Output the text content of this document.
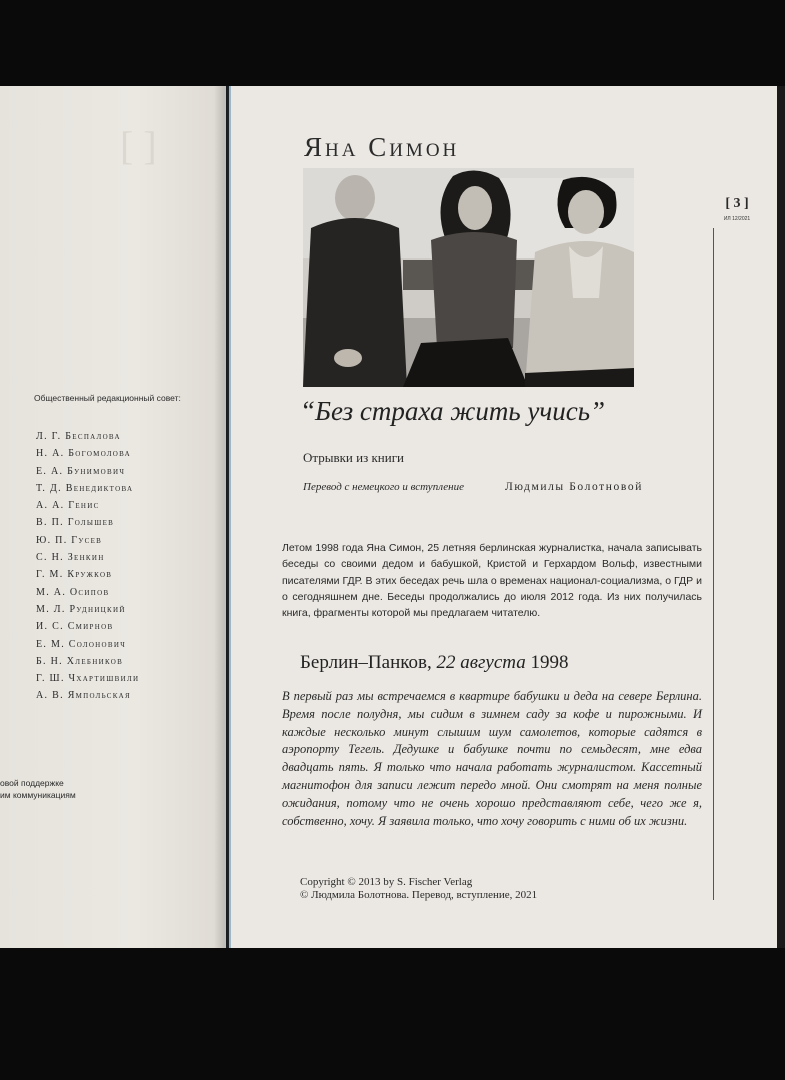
[ ]
Общественный редакционный совет:
Л. Г. Беспалова
Н. А. Богомолова
Е. А. Бунимович
Т. Д. Венедиктова
А. А. Генис
В. П. Голышев
Ю. П. Гусев
С. Н. Зенкин
Г. М. Кружков
М. А. Осипов
М. Л. Рудницкий
И. С. Смирнов
Е. М. Солонович
Б. Н. Хлебников
Г. Ш. Чхартишвили
А. В. Ямпольская
овой поддержке
им коммуникациям
Яна Симон
[ 3 ]
ИЛ 12/2021
“Без страха жить учись”
Отрывки из книги
Перевод с немецкого и вступление	Людмилы Болотновой
Летом 1998 года Яна Симон, 25 летняя берлинская журналистка, начала записывать беседы со своими дедом и бабушкой, Кристой и Герхардом Вольф, известными писателями ГДР. В этих беседах речь шла о временах национал-социализма, о ГДР и о сегодняшнем дне. Беседы продолжались до июля 2012 года. Из них получилась книга, фрагменты которой мы предлагаем читателю.
Берлин–Панков, 22 августа 1998
В первый раз мы встречаемся в квартире бабушки и деда на севере Берлина. Время после полудня, мы сидим в зимнем саду за кофе и пирожными. И каждые несколько минут слышим шум самолетов, которые садятся в аэропорту Тегель. Дедушке и бабушке почти по семьдесят, мне едва двадцать пять. Я только что начала работать журналистом. Кассетный магнитофон для записи лежит передо мной. Они смотрят на меня полные ожидания, потому что не очень хорошо представляют себе, чего же я, собственно, хочу. Я заявила только, что хочу говорить с ними об их жизни.
Copyright © 2013 by S. Fischer Verlag
© Людмила Болотнова. Перевод, вступление, 2021
